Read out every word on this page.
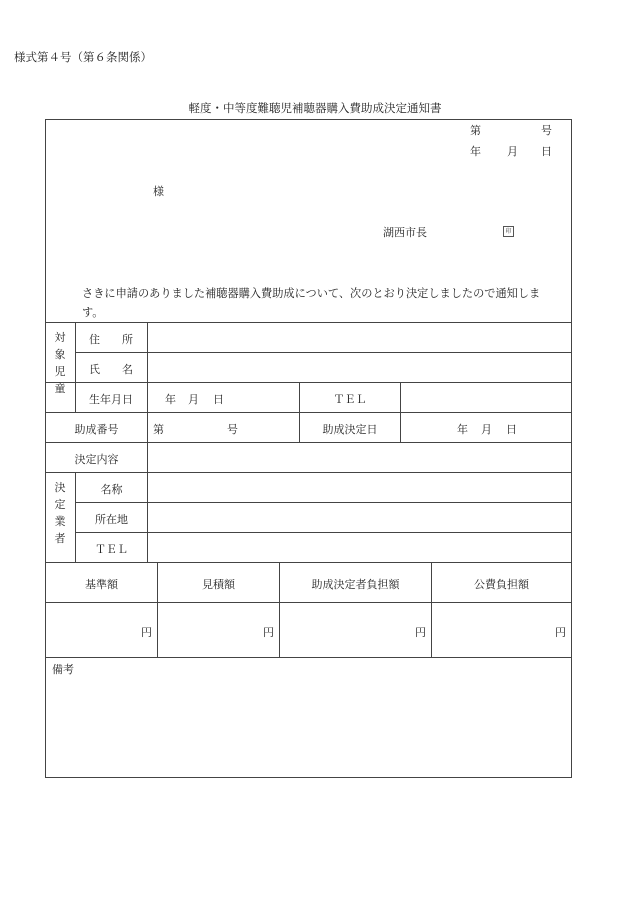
様式第４号（第６条関係）
軽度・中等度難聴児補聴器購入費助成決定通知書
第	号
年 月 日
様
湖西市長	印
さきに申請のありました補聴器購入費助成について、次のとおり決定しましたので通知しま
す。
対
象
児
童
住 所
氏 名
生年月日	年 月 日	ＴＥＬ
助成番号	第	号	助成決定日	年 月 日
決定内容
決
定
業
者
名称
所在地
ＴＥＬ
基準額	見積額	助成決定者負担額	公費負担額
円	円	円	円
備考
